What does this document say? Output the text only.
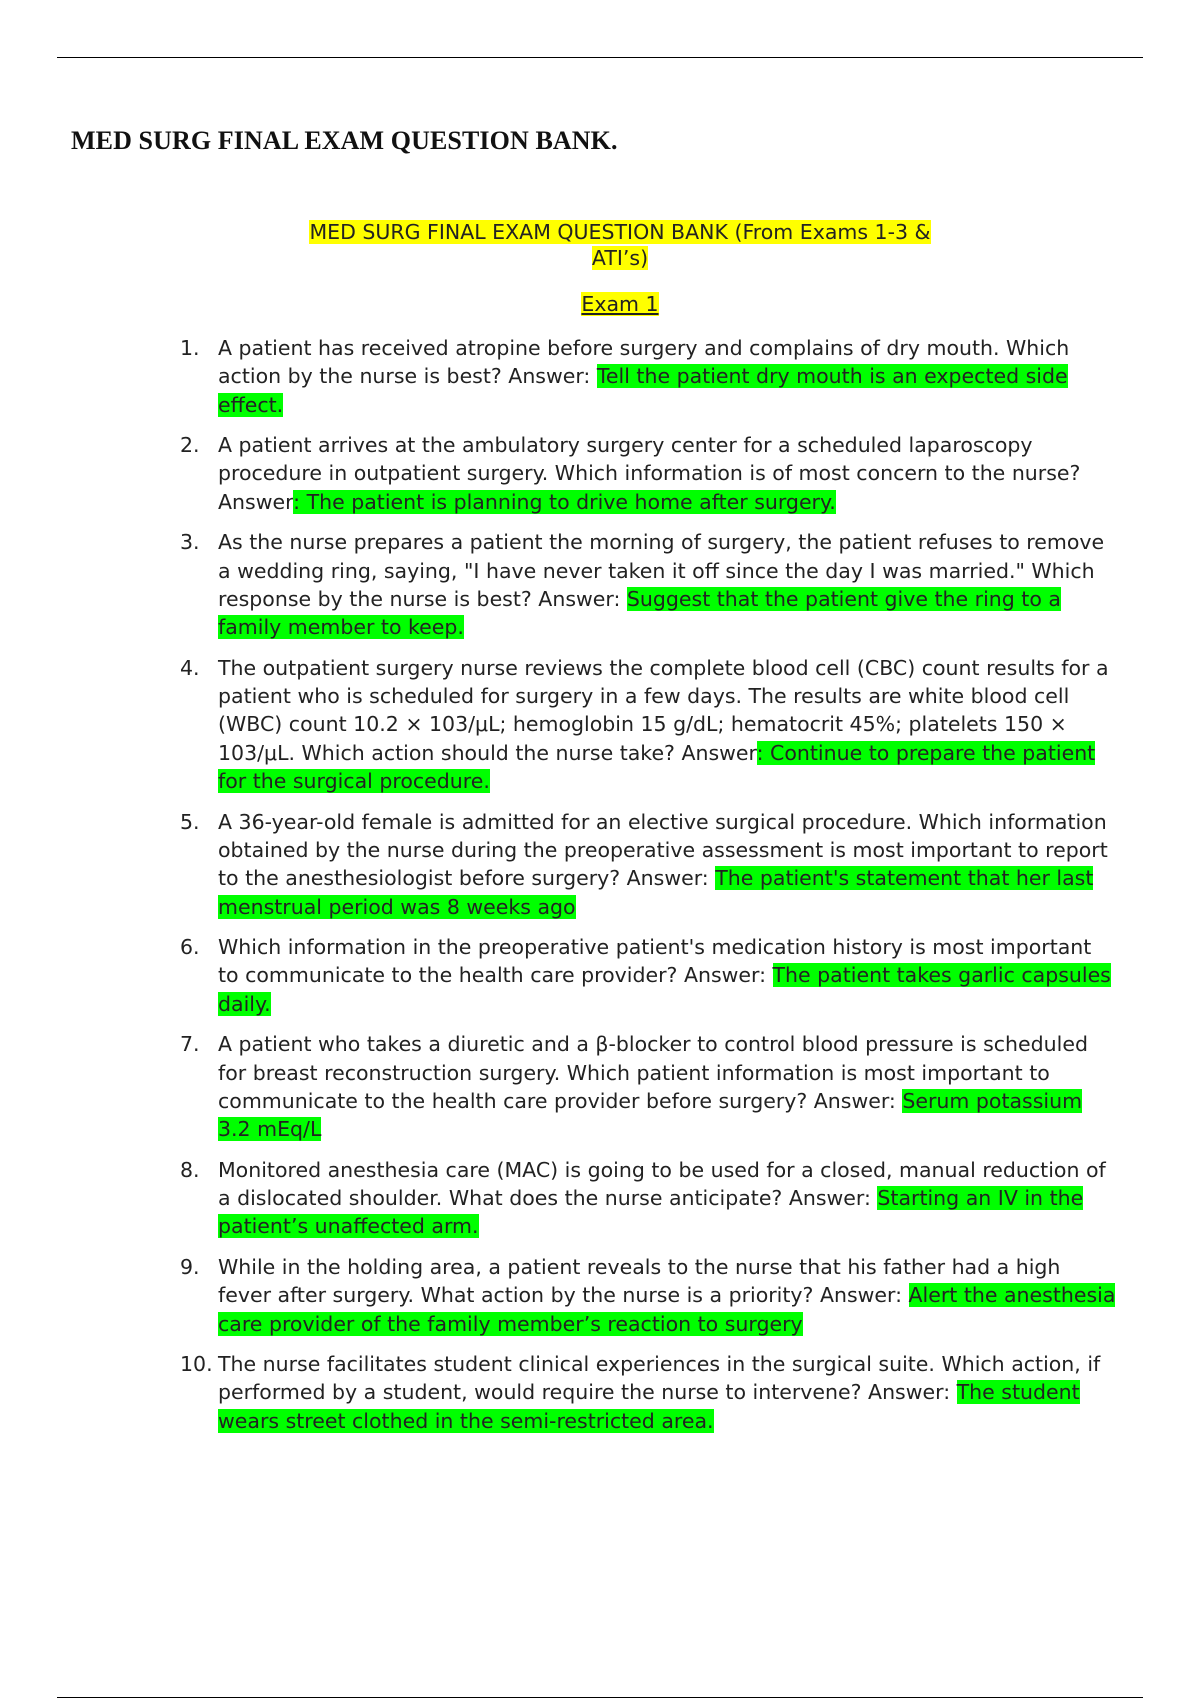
MED SURG FINAL EXAM QUESTION BANK.

MED SURG FINAL EXAM QUESTION BANK (From Exams 1-3 &
ATI’s)

Exam 1

1. A patient has received atropine before surgery and complains of dry mouth. Which action by the nurse is best? Answer: Tell the patient dry mouth is an expected side effect.
2. A patient arrives at the ambulatory surgery center for a scheduled laparoscopy procedure in outpatient surgery. Which information is of most concern to the nurse? Answer: The patient is planning to drive home after surgery.
3. As the nurse prepares a patient the morning of surgery, the patient refuses to remove a wedding ring, saying, "I have never taken it off since the day I was married." Which response by the nurse is best? Answer: Suggest that the patient give the ring to a family member to keep.
4. The outpatient surgery nurse reviews the complete blood cell (CBC) count results for a patient who is scheduled for surgery in a few days. The results are white blood cell (WBC) count 10.2 × 103/μL; hemoglobin 15 g/dL; hematocrit 45%; platelets 150 × 103/μL. Which action should the nurse take? Answer: Continue to prepare the patient for the surgical procedure.
5. A 36-year-old female is admitted for an elective surgical procedure. Which information obtained by the nurse during the preoperative assessment is most important to report to the anesthesiologist before surgery? Answer: The patient's statement that her last menstrual period was 8 weeks ago
6. Which information in the preoperative patient's medication history is most important to communicate to the health care provider? Answer: The patient takes garlic capsules daily.
7. A patient who takes a diuretic and a β-blocker to control blood pressure is scheduled for breast reconstruction surgery. Which patient information is most important to communicate to the health care provider before surgery? Answer: Serum potassium 3.2 mEq/L
8. Monitored anesthesia care (MAC) is going to be used for a closed, manual reduction of a dislocated shoulder. What does the nurse anticipate? Answer: Starting an IV in the patient’s unaffected arm.
9. While in the holding area, a patient reveals to the nurse that his father had a high fever after surgery. What action by the nurse is a priority? Answer: Alert the anesthesia care provider of the family member’s reaction to surgery
10. The nurse facilitates student clinical experiences in the surgical suite. Which action, if performed by a student, would require the nurse to intervene? Answer: The student wears street clothed in the semi-restricted area.
